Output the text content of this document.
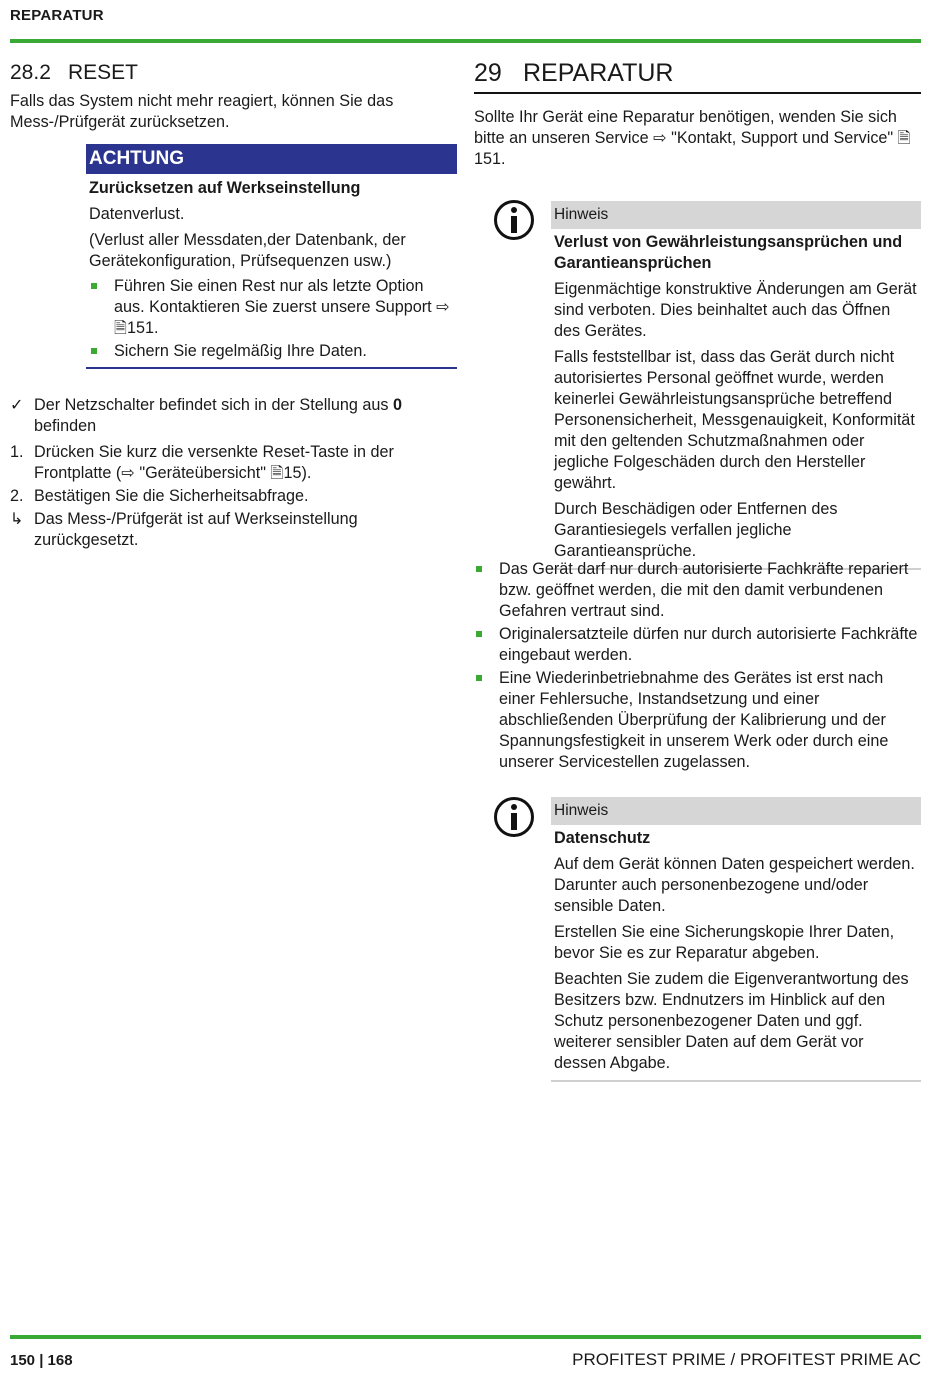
REPARATUR
28.2 RESET

Falls das System nicht mehr reagiert, können Sie das Mess-/Prüfgerät zurücksetzen.

ACHTUNG

Zurücksetzen auf Werkseinstellung

Datenverlust.

(Verlust aller Messdaten,der Datenbank, der Gerätekonfiguration, Prüfsequenzen usw.)

Führen Sie einen Rest nur als letzte Option aus. Kontaktieren Sie zuerst unsere Support ⇨🗎151.
Sichern Sie regelmäßig Ihre Daten.
✓ Der Netzschalter befindet sich in der Stellung aus 0 befinden
1. Drücken Sie kurz die versenkte Reset-Taste in der Frontplatte (⇨ "Geräteübersicht" 🗎15).
2. Bestätigen Sie die Sicherheitsabfrage.
↳ Das Mess-/Prüfgerät ist auf Werkseinstellung zurückgesetzt.
29 REPARATUR

Sollte Ihr Gerät eine Reparatur benötigen, wenden Sie sich bitte an unseren Service ⇨ "Kontakt, Support und Service" 🗎151.

Hinweis

Verlust von Gewährleistungsansprüchen und Garantieansprüchen

Eigenmächtige konstruktive Änderungen am Gerät sind verboten. Dies beinhaltet auch das Öffnen des Gerätes.

Falls feststellbar ist, dass das Gerät durch nicht autorisiertes Personal geöffnet wurde, werden keinerlei Gewährleistungsansprüche betreffend Personensicherheit, Messgenauigkeit, Konformität mit den geltenden Schutzmaßnahmen oder jegliche Folgeschäden durch den Hersteller gewährt.

Durch Beschädigen oder Entfernen des Garantiesiegels verfallen jegliche Garantieansprüche.

Das Gerät darf nur durch autorisierte Fachkräfte repariert bzw. geöffnet werden, die mit den damit verbundenen Gefahren vertraut sind.
Originalersatzteile dürfen nur durch autorisierte Fachkräfte eingebaut werden.
Eine Wiederinbetriebnahme des Gerätes ist erst nach einer Fehlersuche, Instandsetzung und einer abschließenden Überprüfung der Kalibrierung und der Spannungsfestigkeit in unserem Werk oder durch eine unserer Servicestellen zugelassen.
Hinweis

Datenschutz

Auf dem Gerät können Daten gespeichert werden. Darunter auch personenbezogene und/oder sensible Daten.

Erstellen Sie eine Sicherungskopie Ihrer Daten, bevor Sie es zur Reparatur abgeben.

Beachten Sie zudem die Eigenverantwortung des Besitzers bzw. Endnutzers im Hinblick auf den Schutz personenbezogener Daten und ggf. weiterer sensibler Daten auf dem Gerät vor dessen Abgabe.

150 | 168	PROFITEST PRIME / PROFITEST PRIME AC
